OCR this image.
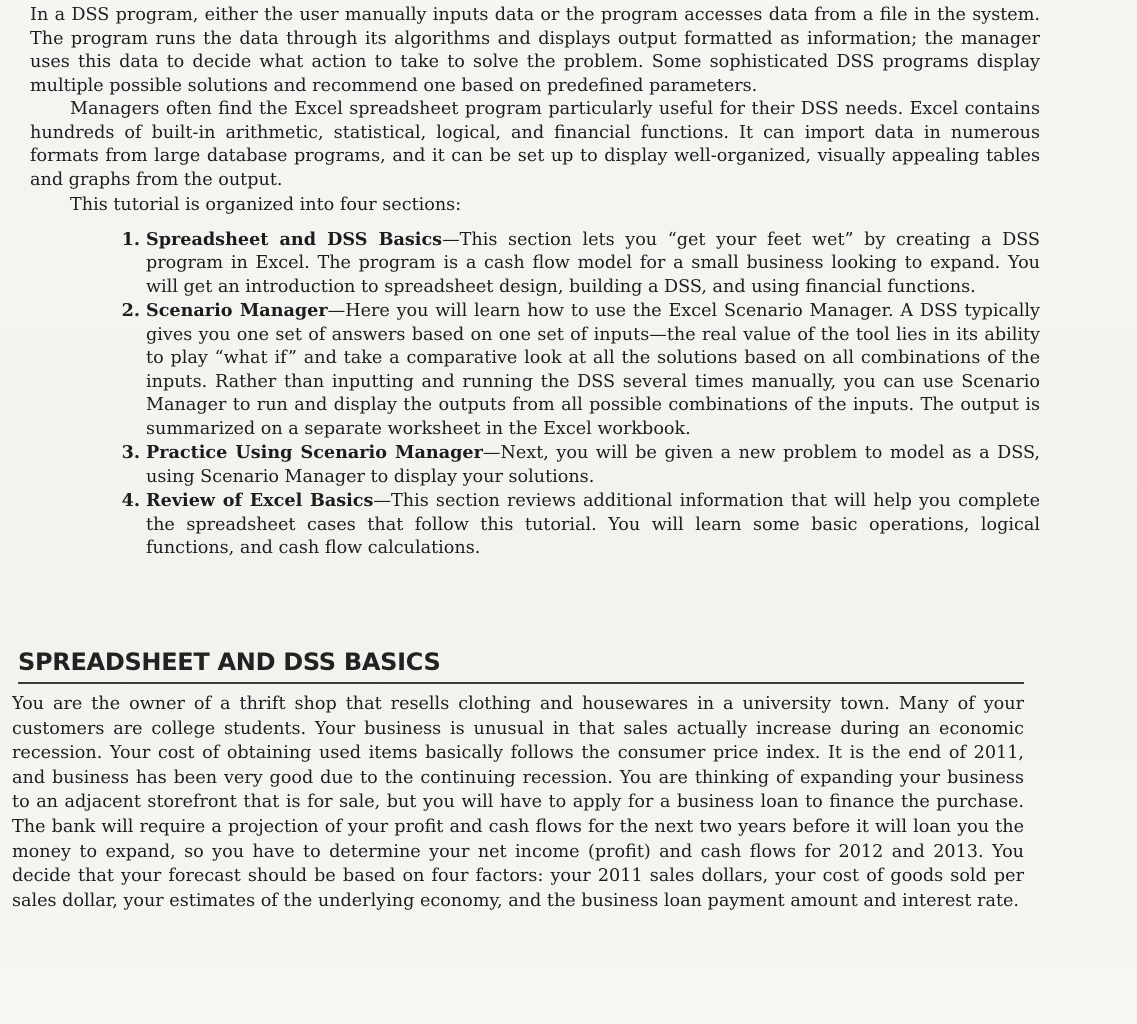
In a DSS program, either the user manually inputs data or the program accesses data from a file in the system. The program runs the data through its algorithms and displays output formatted as information; the manager uses this data to decide what action to take to solve the problem. Some sophisticated DSS programs display multiple possible solutions and recommend one based on predefined parameters.

Managers often find the Excel spreadsheet program particularly useful for their DSS needs. Excel contains hundreds of built-in arithmetic, statistical, logical, and financial functions. It can import data in numerous formats from large database programs, and it can be set up to display well-organized, visually appealing tables and graphs from the output.

This tutorial is organized into four sections:

1. Spreadsheet and DSS Basics—This section lets you “get your feet wet” by creating a DSS program in Excel. The program is a cash flow model for a small business looking to expand. You will get an introduction to spreadsheet design, building a DSS, and using financial functions.
2. Scenario Manager—Here you will learn how to use the Excel Scenario Manager. A DSS typically gives you one set of answers based on one set of inputs—the real value of the tool lies in its ability to play “what if” and take a comparative look at all the solutions based on all combinations of the inputs. Rather than inputting and running the DSS several times manually, you can use Scenario Manager to run and display the outputs from all possible combinations of the inputs. The output is summarized on a separate worksheet in the Excel workbook.
3. Practice Using Scenario Manager—Next, you will be given a new problem to model as a DSS, using Scenario Manager to display your solutions.
4. Review of Excel Basics—This section reviews additional information that will help you complete the spreadsheet cases that follow this tutorial. You will learn some basic operations, logical functions, and cash flow calculations.
SPREADSHEET AND DSS BASICS

You are the owner of a thrift shop that resells clothing and housewares in a university town. Many of your customers are college students. Your business is unusual in that sales actually increase during an economic recession. Your cost of obtaining used items basically follows the consumer price index. It is the end of 2011, and business has been very good due to the continuing recession. You are thinking of expanding your business to an adjacent storefront that is for sale, but you will have to apply for a business loan to finance the purchase. The bank will require a projection of your profit and cash flows for the next two years before it will loan you the money to expand, so you have to determine your net income (profit) and cash flows for 2012 and 2013. You decide that your forecast should be based on four factors: your 2011 sales dollars, your cost of goods sold per sales dollar, your estimates of the underlying economy, and the business loan payment amount and interest rate.
